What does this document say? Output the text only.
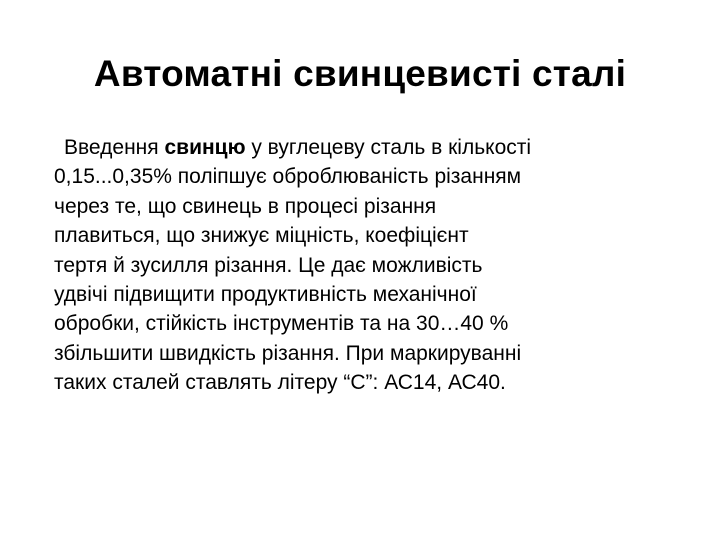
Автоматні свинцевисті сталі
Введення свинцю у вуглецеву сталь в кількості
0,15...0,35% поліпшує оброблюваність різанням
через те, що свинець в процесі різання
плавиться, що знижує міцність, коефіцієнт
тертя й зусилля різання. Це дає можливість
удвічі підвищити продуктивність механічної
обробки, стійкість інструментів та на 30…40 %
збільшити швидкість різання. При маркируванні
таких сталей ставлять літеру “С”: АС14, АС40.
